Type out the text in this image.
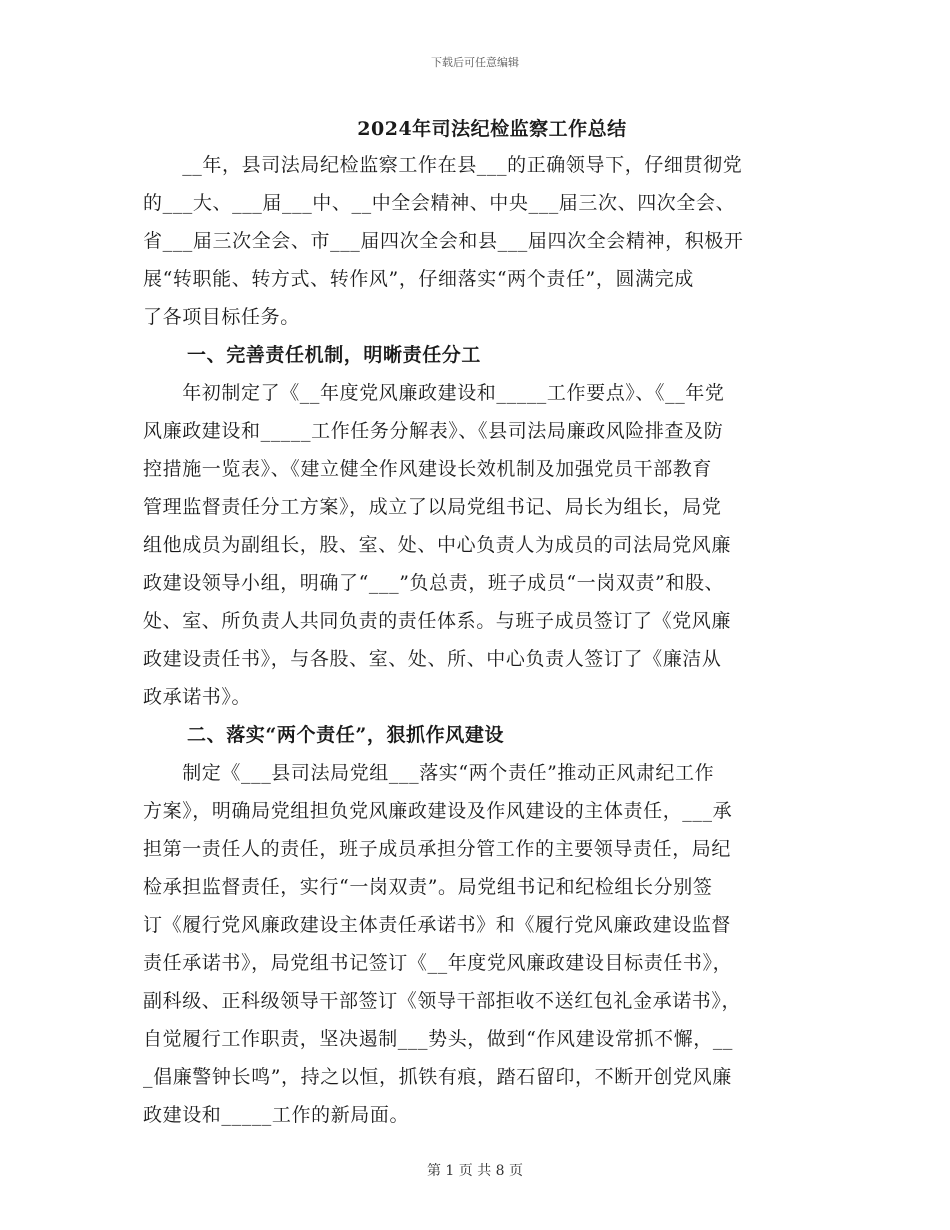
下载后可任意编辑
2024年司法纪检监察工作总结

　　__年，县司法局纪检监察工作在县___的正确领导下，仔细贯彻党
的___大、___届___中、__中全会精神、中央___届三次、四次全会、
省___届三次全会、市___届四次全会和县___届四次全会精神，积极开
展“转职能、转方式、转作风”，仔细落实“两个责任”，圆满完成
了各项目标任务。

一、完善责任机制，明晰责任分工

　　年初制定了《__年度党风廉政建设和_____工作要点》、《__年党
风廉政建设和_____工作任务分解表》、《县司法局廉政风险排查及防
控措施一览表》、《建立健全作风建设长效机制及加强党员干部教育
管理监督责任分工方案》，成立了以局党组书记、局长为组长，局党
组他成员为副组长，股、室、处、中心负责人为成员的司法局党风廉
政建设领导小组，明确了“___”负总责，班子成员“一岗双责”和股、
处、室、所负责人共同负责的责任体系。与班子成员签订了《党风廉
政建设责任书》，与各股、室、处、所、中心负责人签订了《廉洁从
政承诺书》。

二、落实“两个责任”，狠抓作风建设

　　制定《___县司法局党组___落实“两个责任”推动正风肃纪工作
方案》，明确局党组担负党风廉政建设及作风建设的主体责任，___承
担第一责任人的责任，班子成员承担分管工作的主要领导责任，局纪
检承担监督责任，实行“一岗双责”。局党组书记和纪检组长分别签
订《履行党风廉政建设主体责任承诺书》和《履行党风廉政建设监督
责任承诺书》，局党组书记签订《__年度党风廉政建设目标责任书》，
副科级、正科级领导干部签订《领导干部拒收不送红包礼金承诺书》，
自觉履行工作职责，坚决遏制___势头，做到“作风建设常抓不懈，__
_倡廉警钟长鸣”，持之以恒，抓铁有痕，踏石留印，不断开创党风廉
政建设和_____工作的新局面。

第 1 页 共 8 页
